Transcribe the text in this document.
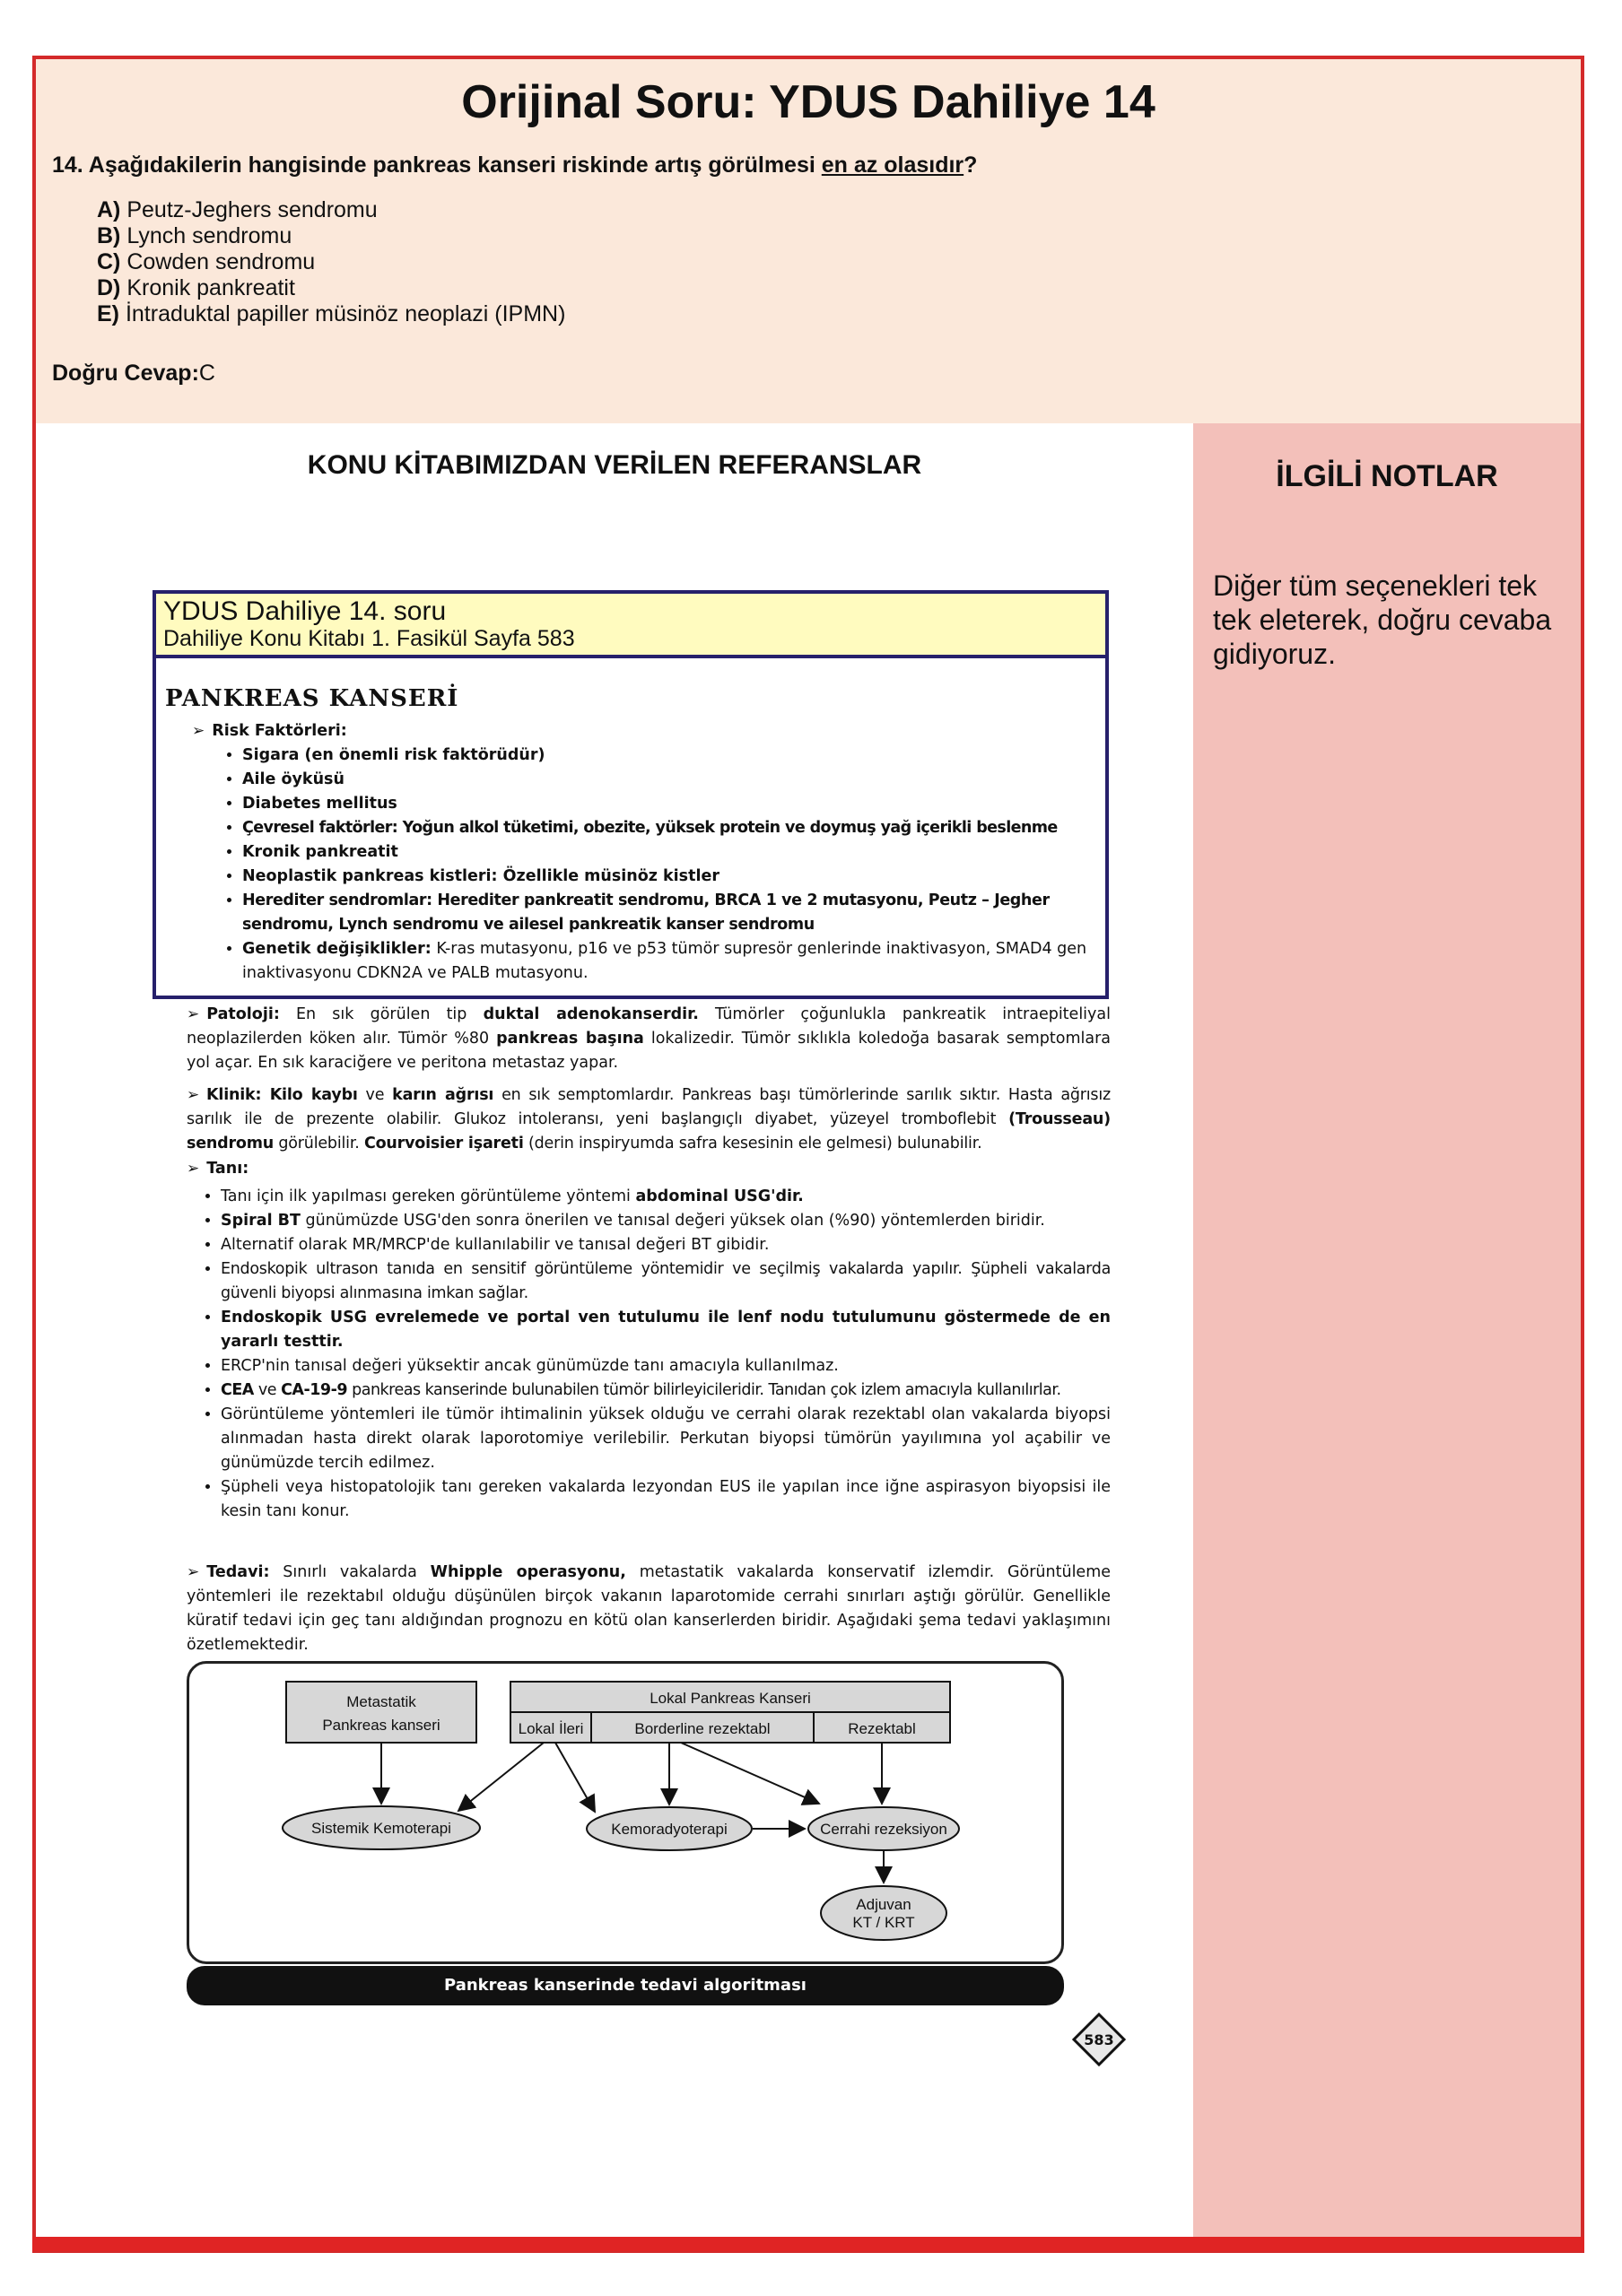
Orijinal Soru: YDUS Dahiliye 14
14. Aşağıdakilerin hangisinde pankreas kanseri riskinde artış görülmesi en az olasıdır?
A) Peutz-Jeghers sendromu
B) Lynch sendromu
C) Cowden sendromu
D) Kronik pankreatit
E) İntraduktal papiller müsinöz neoplazi (IPMN)
Doğru Cevap:C
KONU KİTABIMIZDAN VERİLEN REFERANSLAR
YDUS Dahiliye 14. soru
Dahiliye Konu Kitabı 1. Fasikül Sayfa 583
PANKREAS KANSERİ
➢ Risk Faktörleri:
• Sigara (en önemli risk faktörüdür)
• Aile öyküsü
• Diabetes mellitus
• Çevresel faktörler: Yoğun alkol tüketimi, obezite, yüksek protein ve doymuş yağ içerikli beslenme
• Kronik pankreatit
• Neoplastik pankreas kistleri: Özellikle müsinöz kistler
• Herediter sendromlar: Herediter pankreatit sendromu, BRCA 1 ve 2 mutasyonu, Peutz – Jegher sendromu, Lynch sendromu ve ailesel pankreatik kanser sendromu
• Genetik değişiklikler: K-ras mutasyonu, p16 ve p53 tümör supresör genlerinde inaktivasyon, SMAD4 gen inaktivasyonu CDKN2A ve PALB mutasyonu.
➢ Patoloji: En sık görülen tip duktal adenokanserdir. Tümörler çoğunlukla pankreatik intraepiteliyal neoplazilerden köken alır. Tümör %80 pankreas başına lokalizedir. Tümör sıklıkla koledoğa basarak semptomlara yol açar. En sık karaciğere ve peritona metastaz yapar.
➢ Klinik: Kilo kaybı ve karın ağrısı en sık semptomlardır. Pankreas başı tümörlerinde sarılık sıktır. Hasta ağrısız sarılık ile de prezente olabilir. Glukoz intoleransı, yeni başlangıçlı diyabet, yüzeyel tromboflebit (Trousseau) sendromu görülebilir. Courvoisier işareti (derin inspiryumda safra kesesinin ele gelmesi) bulunabilir.
➢ Tanı:
• Tanı için ilk yapılması gereken görüntüleme yöntemi abdominal USG'dir.
• Spiral BT günümüzde USG'den sonra önerilen ve tanısal değeri yüksek olan (%90) yöntemlerden biridir.
• Alternatif olarak MR/MRCP'de kullanılabilir ve tanısal değeri BT gibidir.
• Endoskopik ultrason tanıda en sensitif görüntüleme yöntemidir ve seçilmiş vakalarda yapılır. Şüpheli vakalarda güvenli biyopsi alınmasına imkan sağlar.
• Endoskopik USG evrelemede ve portal ven tutulumu ile lenf nodu tutulumunu göstermede de en yararlı testtir.
• ERCP'nin tanısal değeri yüksektir ancak günümüzde tanı amacıyla kullanılmaz.
• CEA ve CA-19-9 pankreas kanserinde bulunabilen tümör bilirleyicileridir. Tanıdan çok izlem amacıyla kullanılırlar.
• Görüntüleme yöntemleri ile tümör ihtimalinin yüksek olduğu ve cerrahi olarak rezektabl olan vakalarda biyopsi alınmadan hasta direkt olarak laporotomiye verilebilir. Perkutan biyopsi tümörün yayılımına yol açabilir ve günümüzde tercih edilmez.
• Şüpheli veya histopatolojik tanı gereken vakalarda lezyondan EUS ile yapılan ince iğne aspirasyon biyopsisi ile kesin tanı konur.
➢ Tedavi: Sınırlı vakalarda Whipple operasyonu, metastatik vakalarda konservatif izlemdir. Görüntüleme yöntemleri ile rezektabıl olduğu düşünülen birçok vakanın laparotomide cerrahi sınırları aştığı görülür. Genellikle küratif tedavi için geç tanı aldığından prognozu en kötü olan kanserlerden biridir. Aşağıdaki şema tedavi yaklaşımını özetlemektedir.
Metastatik
Pankreas kanseri
Lokal Pankreas Kanseri
Lokal İleri	Borderline rezektabl	Rezektabl
Sistemik Kemoterapi	Kemoradyoterapi	Cerrahi rezeksiyon
Adjuvan
KT / KRT
Pankreas kanserinde tedavi algoritması
583
İLGİLİ NOTLAR
Diğer tüm seçenekleri tek tek eleterek, doğru cevaba gidiyoruz.
